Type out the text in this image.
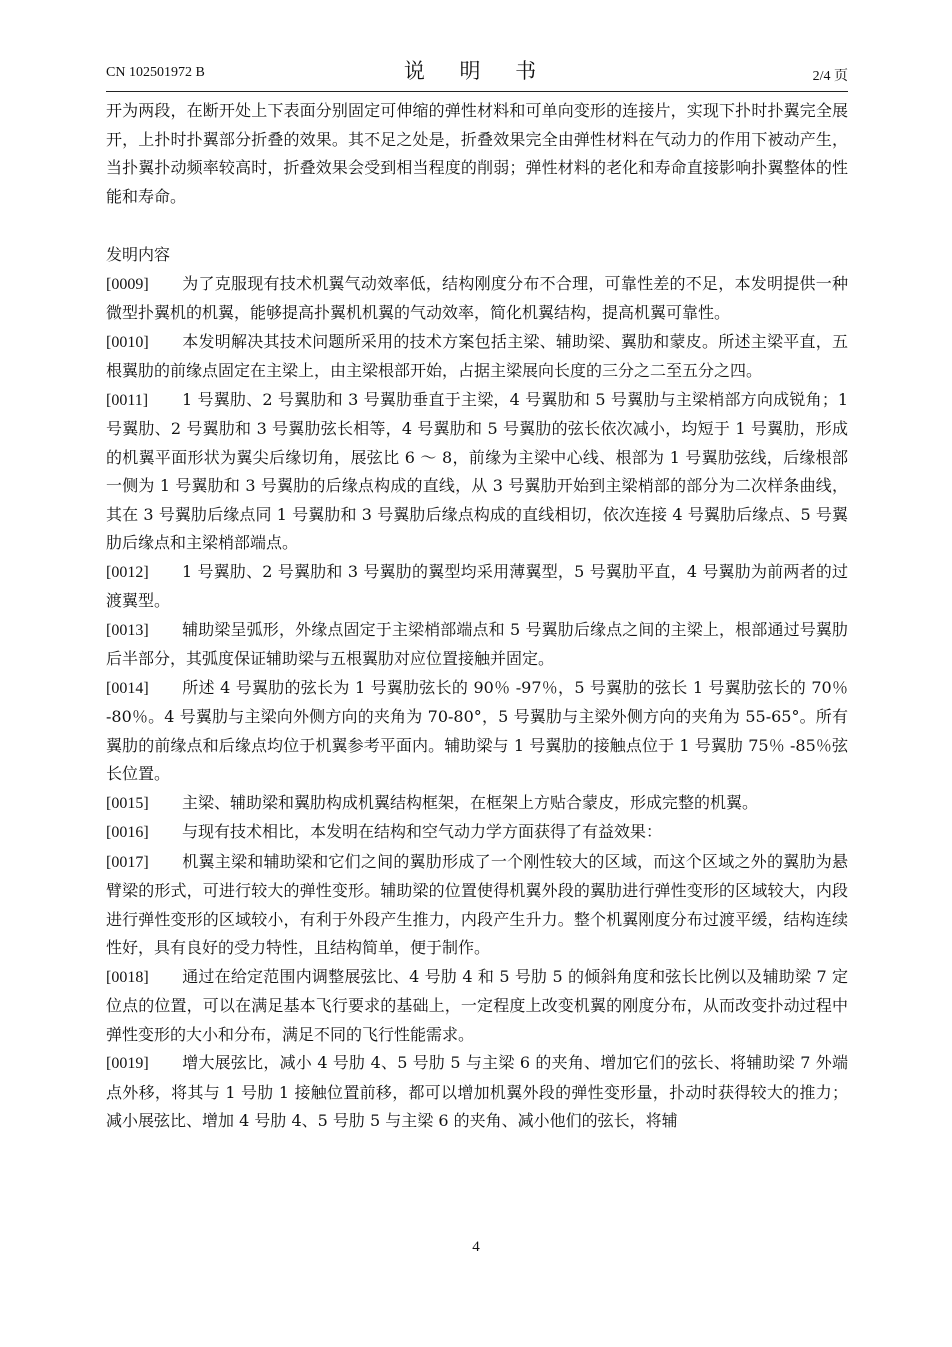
CN 102501972 B	说 明 书	2/4 页

开为两段，在断开处上下表面分别固定可伸缩的弹性材料和可单向变形的连接片，实现下扑时扑翼完全展开，上扑时扑翼部分折叠的效果。其不足之处是，折叠效果完全由弹性材料在气动力的作用下被动产生，当扑翼扑动频率较高时，折叠效果会受到相当程度的削弱；弹性材料的老化和寿命直接影响扑翼整体的性能和寿命。

发明内容

[0009] 为了克服现有技术机翼气动效率低，结构刚度分布不合理，可靠性差的不足，本发明提供一种微型扑翼机的机翼，能够提高扑翼机机翼的气动效率，简化机翼结构，提高机翼可靠性。

[0010] 本发明解决其技术问题所采用的技术方案包括主梁、辅助梁、翼肋和蒙皮。所述主梁平直，五根翼肋的前缘点固定在主梁上，由主梁根部开始，占据主梁展向长度的三分之二至五分之四。

[0011] 1 号翼肋、2 号翼肋和 3 号翼肋垂直于主梁，4 号翼肋和 5 号翼肋与主梁梢部方向成锐角；1 号翼肋、2 号翼肋和 3 号翼肋弦长相等，4 号翼肋和 5 号翼肋的弦长依次减小，均短于 1 号翼肋，形成的机翼平面形状为翼尖后缘切角，展弦比 6 ～ 8，前缘为主梁中心线、根部为 1 号翼肋弦线，后缘根部一侧为 1 号翼肋和 3 号翼肋的后缘点构成的直线，从 3 号翼肋开始到主梁梢部的部分为二次样条曲线，其在 3 号翼肋后缘点同 1 号翼肋和 3 号翼肋后缘点构成的直线相切，依次连接 4 号翼肋后缘点、5 号翼肋后缘点和主梁梢部端点。

[0012] 1 号翼肋、2 号翼肋和 3 号翼肋的翼型均采用薄翼型，5 号翼肋平直，4 号翼肋为前两者的过渡翼型。

[0013] 辅助梁呈弧形，外缘点固定于主梁梢部端点和 5 号翼肋后缘点之间的主梁上，根部通过号翼肋后半部分，其弧度保证辅助梁与五根翼肋对应位置接触并固定。

[0014] 所述 4 号翼肋的弦长为 1 号翼肋弦长的 90％ -97％，5 号翼肋的弦长 1 号翼肋弦长的 70％ -80％。4 号翼肋与主梁向外侧方向的夹角为 70-80°，5 号翼肋与主梁外侧方向的夹角为 55-65°。所有翼肋的前缘点和后缘点均位于机翼参考平面内。辅助梁与 1 号翼肋的接触点位于 1 号翼肋 75％ -85％弦长位置。

[0015] 主梁、辅助梁和翼肋构成机翼结构框架，在框架上方贴合蒙皮，形成完整的机翼。

[0016] 与现有技术相比，本发明在结构和空气动力学方面获得了有益效果：

[0017] 机翼主梁和辅助梁和它们之间的翼肋形成了一个刚性较大的区域，而这个区域之外的翼肋为悬臂梁的形式，可进行较大的弹性变形。辅助梁的位置使得机翼外段的翼肋进行弹性变形的区域较大，内段进行弹性变形的区域较小，有利于外段产生推力，内段产生升力。整个机翼刚度分布过渡平缓，结构连续性好，具有良好的受力特性，且结构简单，便于制作。

[0018] 通过在给定范围内调整展弦比、4 号肋 4 和 5 号肋 5 的倾斜角度和弦长比例以及辅助梁 7 定位点的位置，可以在满足基本飞行要求的基础上，一定程度上改变机翼的刚度分布，从而改变扑动过程中弹性变形的大小和分布，满足不同的飞行性能需求。

[0019] 增大展弦比，减小 4 号肋 4、5 号肋 5 与主梁 6 的夹角、增加它们的弦长、将辅助梁 7 外端点外移，将其与 1 号肋 1 接触位置前移，都可以增加机翼外段的弹性变形量，扑动时获得较大的推力；减小展弦比、增加 4 号肋 4、5 号肋 5 与主梁 6 的夹角、减小他们的弦长，将辅

4
